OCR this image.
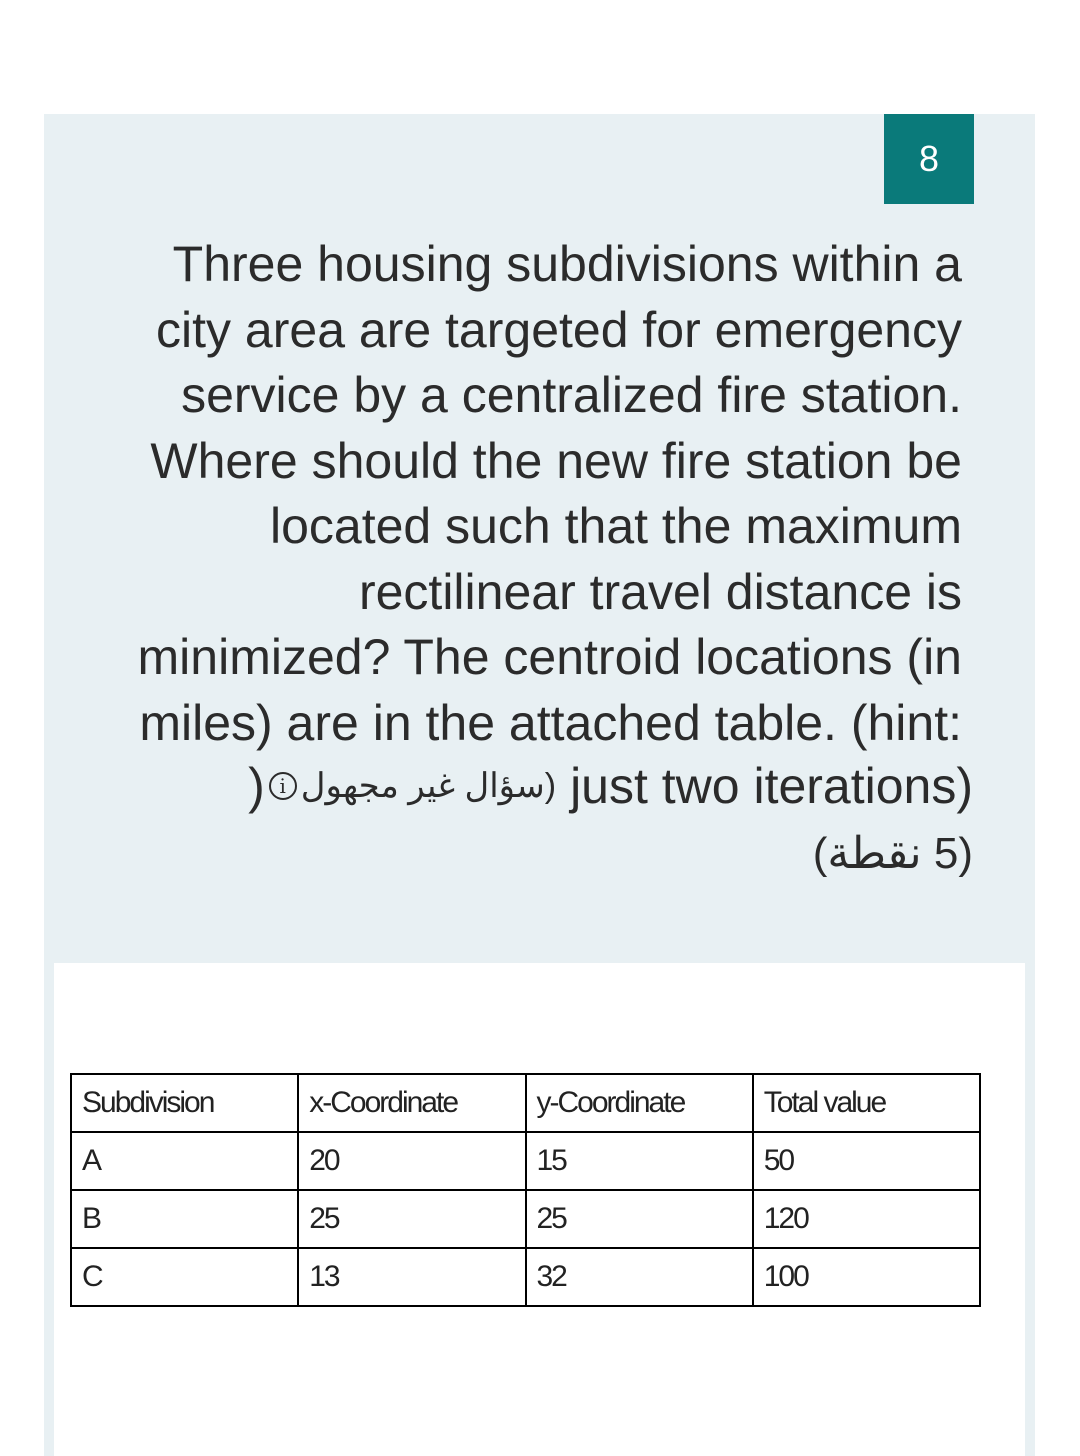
8
Three housing subdivisions within a city area are targeted for emergency service by a centralized fire station. Where should the new fire station be located such that the maximum rectilinear travel distance is minimized? The centroid locations (in miles) are in the attached table. (hint:
) i (سؤال غير مجهول just two iterations)
(5 نقطة)
Subdivision	x-Coordinate	y-Coordinate	Total value
A	20	15	50
B	25	25	120
C	13	32	100
